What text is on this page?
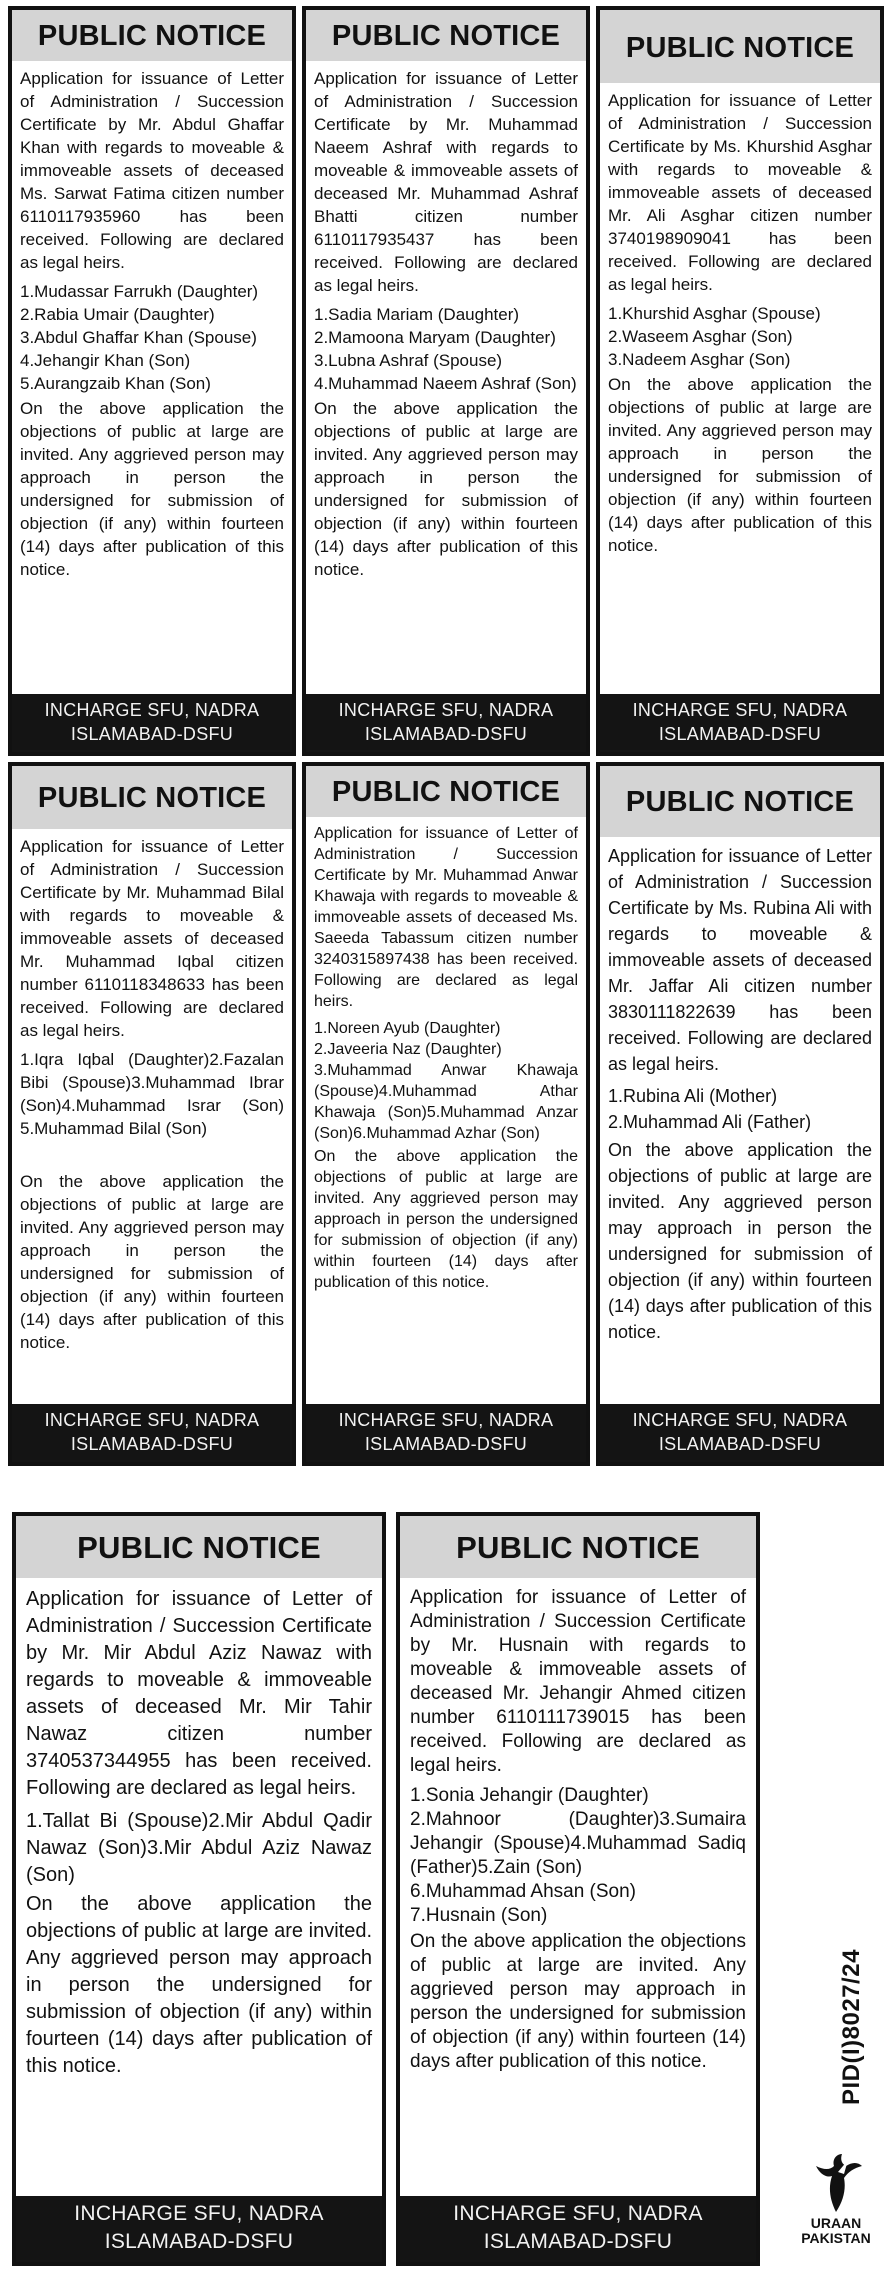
PUBLIC NOTICE

Application for issuance of Letter of Administration / Succession Certificate by Mr. Abdul Ghaffar Khan with regards to moveable & immoveable assets of deceased Ms. Sarwat Fatima citizen number 6110117935960 has been received. Following are declared as legal heirs.

1.Mudassar Farrukh (Daughter)
2.Rabia Umair (Daughter)
3.Abdul Ghaffar Khan (Spouse)
4.Jehangir Khan (Son)
5.Aurangzaib Khan (Son)

On the above application the objections of public at large are invited. Any aggrieved person may approach in person the undersigned for submission of objection (if any) within fourteen (14) days after publication of this notice.

INCHARGE SFU, NADRA
ISLAMABAD-DSFU
PUBLIC NOTICE

Application for issuance of Letter of Administration / Succession Certificate by Mr. Muhammad Naeem Ashraf with regards to moveable & immoveable assets of deceased Mr. Muhammad Ashraf Bhatti citizen number 6110117935437 has been received. Following are declared as legal heirs.

1.Sadia Mariam (Daughter)
2.Mamoona Maryam (Daughter)
3.Lubna Ashraf (Spouse)
4.Muhammad Naeem Ashraf (Son)

On the above application the objections of public at large are invited. Any aggrieved person may approach in person the undersigned for submission of objection (if any) within fourteen (14) days after publication of this notice.

INCHARGE SFU, NADRA
ISLAMABAD-DSFU
PUBLIC NOTICE

Application for issuance of Letter of Administration / Succession Certificate by Ms. Khurshid Asghar with regards to moveable & immoveable assets of deceased Mr. Ali Asghar citizen number 3740198909041 has been received. Following are declared as legal heirs.

1.Khurshid Asghar (Spouse)
2.Waseem Asghar (Son)
3.Nadeem Asghar (Son)

On the above application the objections of public at large are invited. Any aggrieved person may approach in person the undersigned for submission of objection (if any) within fourteen (14) days after publication of this notice.

INCHARGE SFU, NADRA
ISLAMABAD-DSFU
PUBLIC NOTICE

Application for issuance of Letter of Administration / Succession Certificate by Mr. Muhammad Bilal with regards to moveable & immoveable assets of deceased Mr. Muhammad Iqbal citizen number 6110118348633 has been received. Following are declared as legal heirs.

1.Iqra Iqbal (Daughter)2.Fazalan Bibi (Spouse)3.Muhammad Ibrar (Son)4.Muhammad Israr (Son) 5.Muhammad Bilal (Son)

On the above application the objections of public at large are invited. Any aggrieved person may approach in person the undersigned for submission of objection (if any) within fourteen (14) days after publication of this notice.

INCHARGE SFU, NADRA
ISLAMABAD-DSFU
PUBLIC NOTICE

Application for issuance of Letter of Administration / Succession Certificate by Mr. Muhammad Anwar Khawaja with regards to moveable & immoveable assets of deceased Ms. Saeeda Tabassum citizen number 3240315897438 has been received. Following are declared as legal heirs.

1.Noreen Ayub (Daughter)
2.Javeeria Naz (Daughter)
3.Muhammad Anwar Khawaja (Spouse)4.Muhammad Athar Khawaja (Son)5.Muhammad Anzar (Son)6.Muhammad Azhar (Son)

On the above application the objections of public at large are invited. Any aggrieved person may approach in person the undersigned for submission of objection (if any) within fourteen (14) days after publication of this notice.

INCHARGE SFU, NADRA
ISLAMABAD-DSFU
PUBLIC NOTICE

Application for issuance of Letter of Administration / Succession Certificate by Ms. Rubina Ali with regards to moveable & immoveable assets of deceased Mr. Jaffar Ali citizen number 3830111822639 has been received. Following are declared as legal heirs.

1.Rubina Ali (Mother)
2.Muhammad Ali (Father)

On the above application the objections of public at large are invited. Any aggrieved person may approach in person the undersigned for submission of objection (if any) within fourteen (14) days after publication of this notice.

INCHARGE SFU, NADRA
ISLAMABAD-DSFU
PUBLIC NOTICE

Application for issuance of Letter of Administration / Succession Certificate by Mr. Mir Abdul Aziz Nawaz with regards to moveable & immoveable assets of deceased Mr. Mir Tahir Nawaz citizen number 3740537344955 has been received. Following are declared as legal heirs.

1.Tallat Bi (Spouse)2.Mir Abdul Qadir Nawaz (Son)3.Mir Abdul Aziz Nawaz (Son)

On the above application the objections of public at large are invited. Any aggrieved person may approach in person the undersigned for submission of objection (if any) within fourteen (14) days after publication of this notice.

INCHARGE SFU, NADRA
ISLAMABAD-DSFU
PUBLIC NOTICE

Application for issuance of Letter of Administration / Succession Certificate by Mr. Husnain with regards to moveable & immoveable assets of deceased Mr. Jehangir Ahmed citizen number 6110111739015 has been received. Following are declared as legal heirs.

1.Sonia Jehangir (Daughter)
2.Mahnoor (Daughter)3.Sumaira Jehangir (Spouse)4.Muhammad Sadiq (Father)5.Zain (Son)
6.Muhammad Ahsan (Son)
7.Husnain (Son)

On the above application the objections of public at large are invited. Any aggrieved person may approach in person the undersigned for submission of objection (if any) within fourteen (14) days after publication of this notice.

INCHARGE SFU, NADRA
ISLAMABAD-DSFU
PID(I)8027/24
URAAN
PAKISTAN
